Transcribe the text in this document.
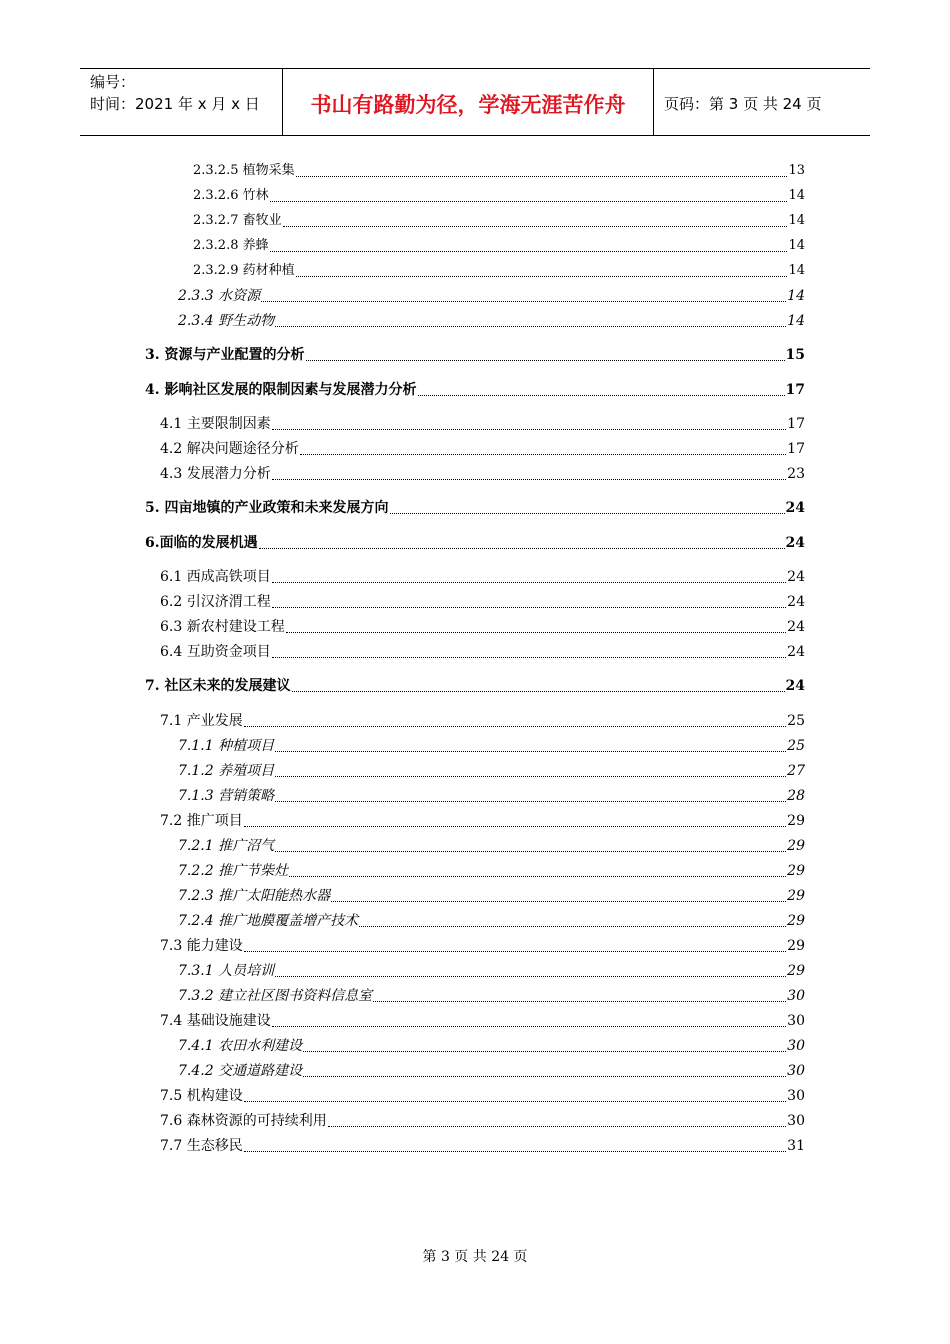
编号：
时间：2021 年 x 月 x 日	书山有路勤为径，学海无涯苦作舟	页码：第 3 页 共 24 页
2.3.2.5 植物采集	13
2.3.2.6 竹林	14
2.3.2.7 畜牧业	14
2.3.2.8 养蜂	14
2.3.2.9 药材种植	14
2.3.3 水资源	14
2.3.4 野生动物	14
3. 资源与产业配置的分析	15
4. 影响社区发展的限制因素与发展潜力分析	17
4.1 主要限制因素	17
4.2 解决问题途径分析	17
4.3 发展潜力分析	23
5. 四亩地镇的产业政策和未来发展方向	24
6.面临的发展机遇	24
6.1 西成高铁项目	24
6.2 引汉济渭工程	24
6.3 新农村建设工程	24
6.4 互助资金项目	24
7. 社区未来的发展建议	24
7.1 产业发展	25
7.1.1 种植项目	25
7.1.2 养殖项目	27
7.1.3 营销策略	28
7.2 推广项目	29
7.2.1 推广沼气	29
7.2.2 推广节柴灶	29
7.2.3 推广太阳能热水器	29
7.2.4 推广地膜覆盖增产技术	29
7.3 能力建设	29
7.3.1 人员培训	29
7.3.2 建立社区图书资料信息室	30
7.4 基础设施建设	30
7.4.1 农田水利建设	30
7.4.2 交通道路建设	30
7.5 机构建设	30
7.6 森林资源的可持续利用	30
7.7 生态移民	31
第 3 页 共 24 页
